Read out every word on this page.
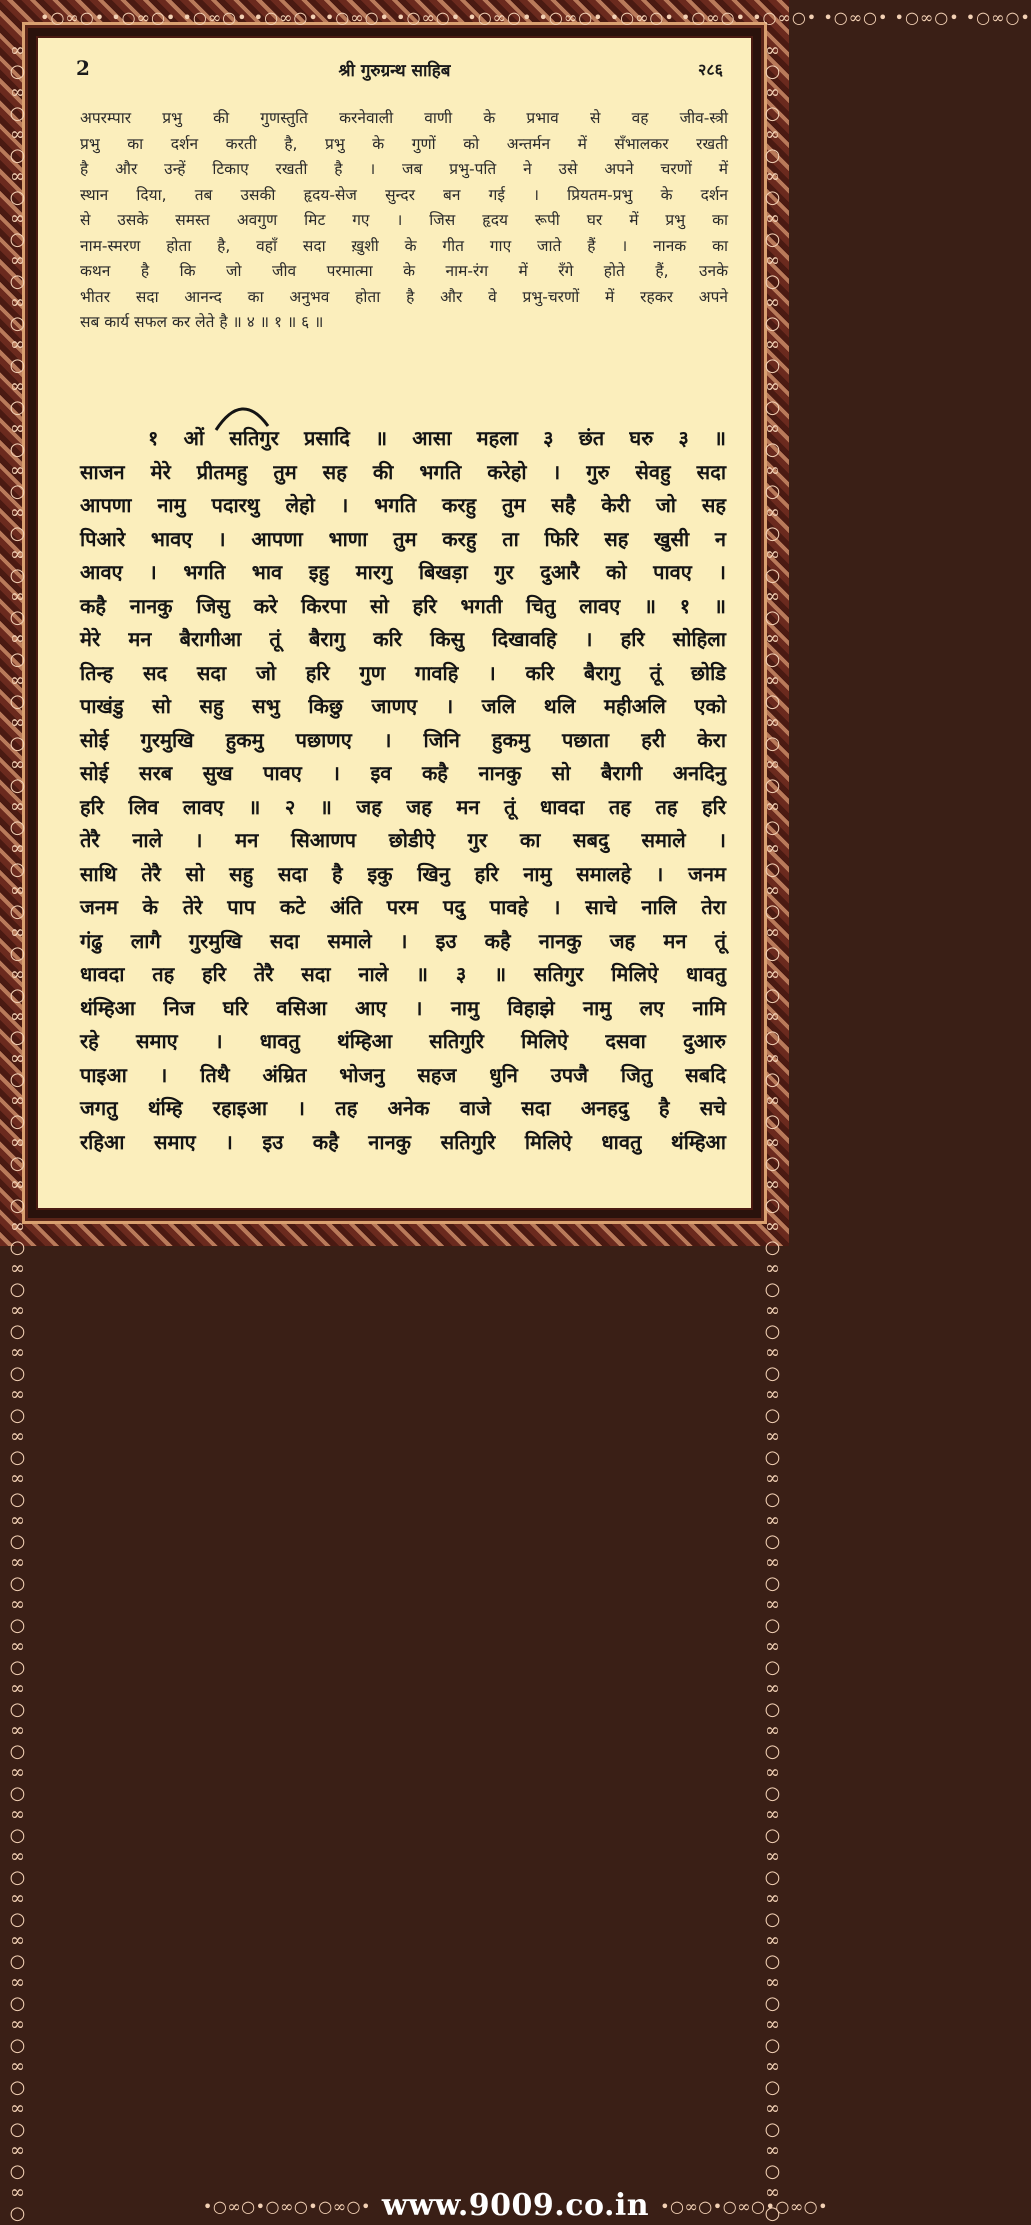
•○∞○• •○∞○• •○∞○• •○∞○• •○∞○• •○∞○• •○∞○• •○∞○• •○∞○• •○∞○• •○∞○• •○∞○• •○∞○• •○∞○•
∞○∞○∞○∞○∞○∞○∞○∞○∞○∞○∞○∞○∞○∞○∞○∞○∞○∞○∞○∞○∞○∞○∞○∞○∞○∞○∞○∞○∞○∞○∞○∞○∞○∞○∞○∞○∞○∞○∞○∞○∞○∞○∞○∞○∞○∞○∞○∞○∞○∞○∞○∞○	∞○∞○∞○∞○∞○∞○∞○∞○∞○∞○∞○∞○∞○∞○∞○∞○∞○∞○∞○∞○∞○∞○∞○∞○∞○∞○∞○∞○∞○∞○∞○∞○∞○∞○∞○∞○∞○∞○∞○∞○∞○∞○∞○∞○∞○∞○∞○∞○∞○∞○∞○∞○
2	श्री गुरुग्रन्थ साहिब	२८६
अपरम्पार प्रभु की गुणस्तुति करनेवाली वाणी के प्रभाव से वह जीव-स्त्री
प्रभु का दर्शन करती है, प्रभु के गुणों को अन्तर्मन में सँभालकर रखती
है और उन्हें टिकाए रखती है । जब प्रभु-पति ने उसे अपने चरणों में
स्थान दिया, तब उसकी हृदय-सेज सुन्दर बन गई । प्रियतम-प्रभु के दर्शन
से उसके समस्त अवगुण मिट गए । जिस हृदय रूपी घर में प्रभु का
नाम-स्मरण होता है, वहाँ सदा ख़ुशी के गीत गाए जाते हैं । नानक का
कथन है कि जो जीव परमात्मा के नाम-रंग में रँगे होते हैं, उनके
भीतर सदा आनन्द का अनुभव होता है और वे प्रभु-चरणों में रहकर अपने
सब कार्य सफल कर लेते है ॥ ४ ॥ १ ॥ ६ ॥
१ ओं सतिगुर प्रसादि ॥ आसा महला ३ छंत घरु ३ ॥
साजन मेरे प्रीतमहु तुम सह की भगति करेहो । गुरु सेवहु सदा
आपणा नामु पदारथु लेहो । भगति करहु तुम सहै केरी जो सह
पिआरे भावए । आपणा भाणा तुम करहु ता फिरि सह खुसी न
आवए । भगति भाव इहु मारगु बिखड़ा गुर दुआरै को पावए ।
कहै नानकु जिसु करे किरपा सो हरि भगती चितु लावए ॥ १ ॥
मेरे मन बैरागीआ तूं बैरागु करि किसु दिखावहि । हरि सोहिला
तिन्ह सद सदा जो हरि गुण गावहि । करि बैरागु तूं छोडि
पाखंडु सो सहु सभु किछु जाणए । जलि थलि महीअलि एको
सोई गुरमुखि हुकमु पछाणए । जिनि हुकमु पछाता हरी केरा
सोई सरब सुख पावए । इव कहै नानकु सो बैरागी अनदिनु
हरि लिव लावए ॥ २ ॥ जह जह मन तूं धावदा तह तह हरि
तेरै नाले । मन सिआणप छोडीऐ गुर का सबदु समाले ।
साथि तेरै सो सहु सदा है इकु खिनु हरि नामु समालहे । जनम
जनम के तेरे पाप कटे अंति परम पदु पावहे । साचे नालि तेरा
गंढु लागै गुरमुखि सदा समाले । इउ कहै नानकु जह मन तूं
धावदा तह हरि तेरै सदा नाले ॥ ३ ॥ सतिगुर मिलिऐ धावतु
थंम्हिआ निज घरि वसिआ आए । नामु विहाझे नामु लए नामि
रहे समाए । धावतु थंम्हिआ सतिगुरि मिलिऐ दसवा दुआरु
पाइआ । तिथै अंम्रित भोजनु सहज धुनि उपजै जितु सबदि
जगतु थंम्हि रहाइआ । तह अनेक वाजे सदा अनहदु है सचे
रहिआ समाए । इउ कहै नानकु सतिगुरि मिलिऐ धावतु थंम्हिआ
•○∞○•○∞○•○∞○• www.9009.co.in •○∞○•○∞○•○∞○•
